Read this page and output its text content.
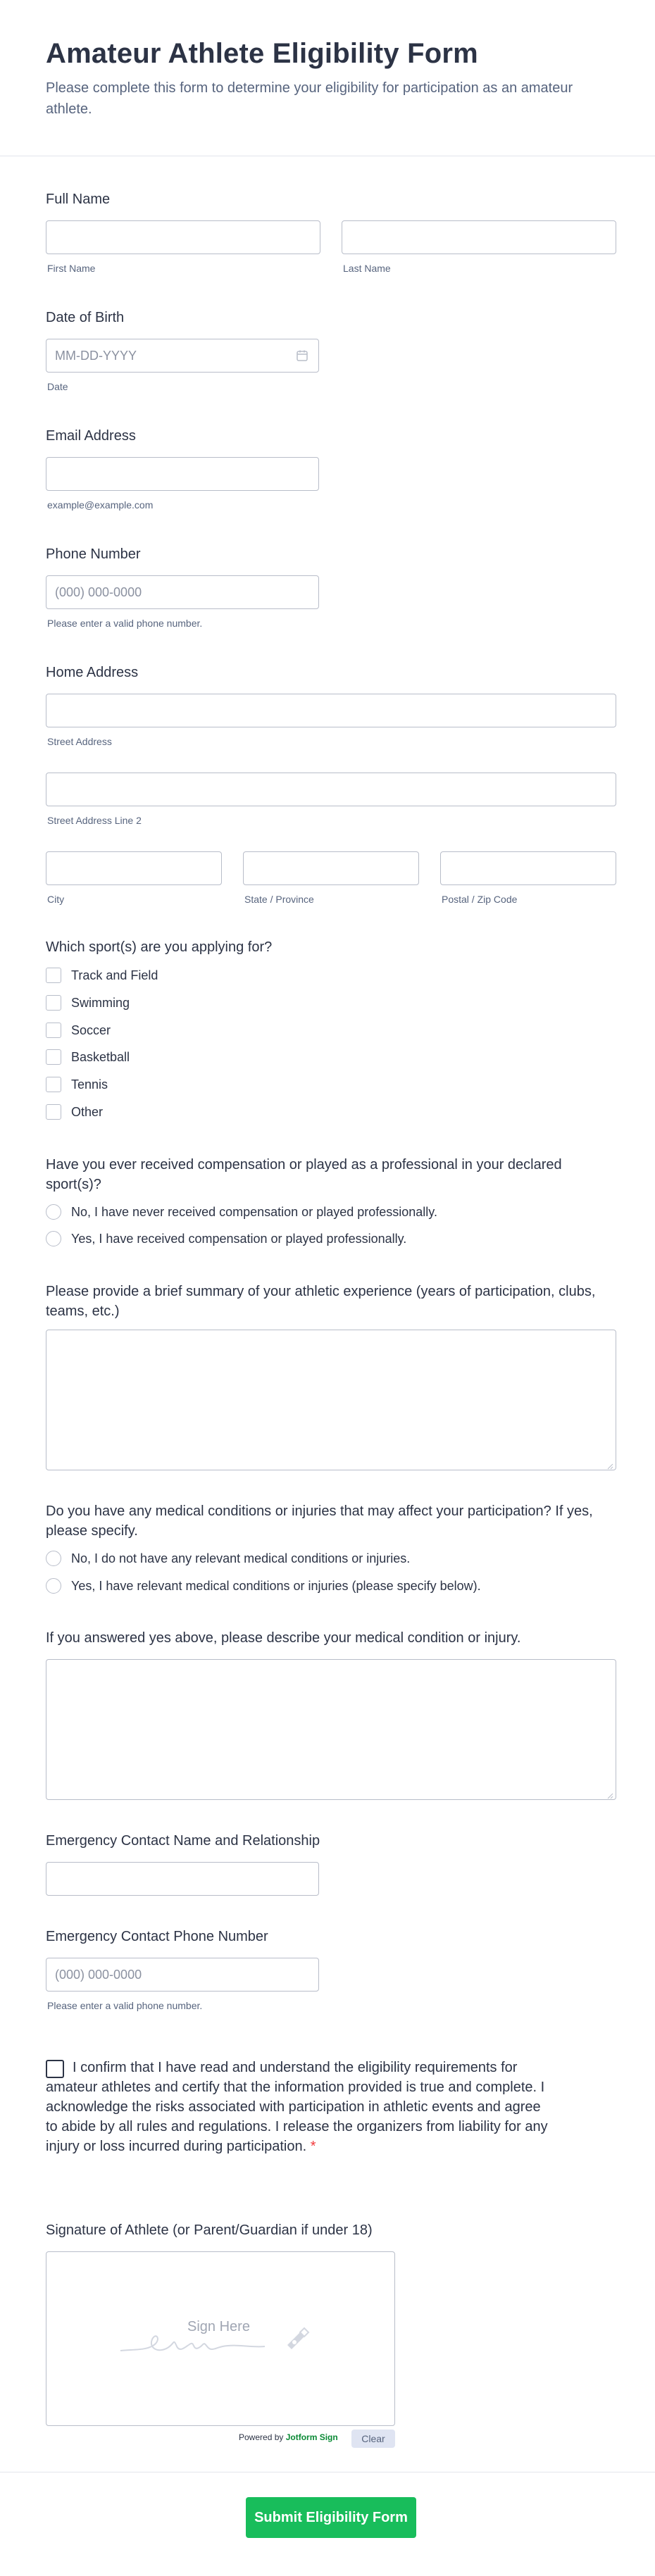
Amateur Athlete Eligibility Form
Please complete this form to determine your eligibility for participation as an amateur athlete.
Full Name
First Name	Last Name
Date of Birth
MM-DD-YYYY
Date
Email Address
example@example.com
Phone Number
(000) 000-0000
Please enter a valid phone number.
Home Address
Street Address
Street Address Line 2
City	State / Province	Postal / Zip Code
Which sport(s) are you applying for?
Track and Field
Swimming
Soccer
Basketball
Tennis
Other
Have you ever received compensation or played as a professional in your declared sport(s)?
No, I have never received compensation or played professionally.
Yes, I have received compensation or played professionally.
Please provide a brief summary of your athletic experience (years of participation, clubs, teams, etc.)
Do you have any medical conditions or injuries that may affect your participation? If yes, please specify.
No, I do not have any relevant medical conditions or injuries.
Yes, I have relevant medical conditions or injuries (please specify below).
If you answered yes above, please describe your medical condition or injury.
Emergency Contact Name and Relationship
Emergency Contact Phone Number
(000) 000-0000
Please enter a valid phone number.
I confirm that I have read and understand the eligibility requirements for amateur athletes and certify that the information provided is true and complete. I acknowledge the risks associated with participation in athletic events and agree to abide by all rules and regulations. I release the organizers from liability for any injury or loss incurred during participation. *
Signature of Athlete (or Parent/Guardian if under 18)
Sign Here
Powered by Jotform Sign	Clear
Submit Eligibility Form
